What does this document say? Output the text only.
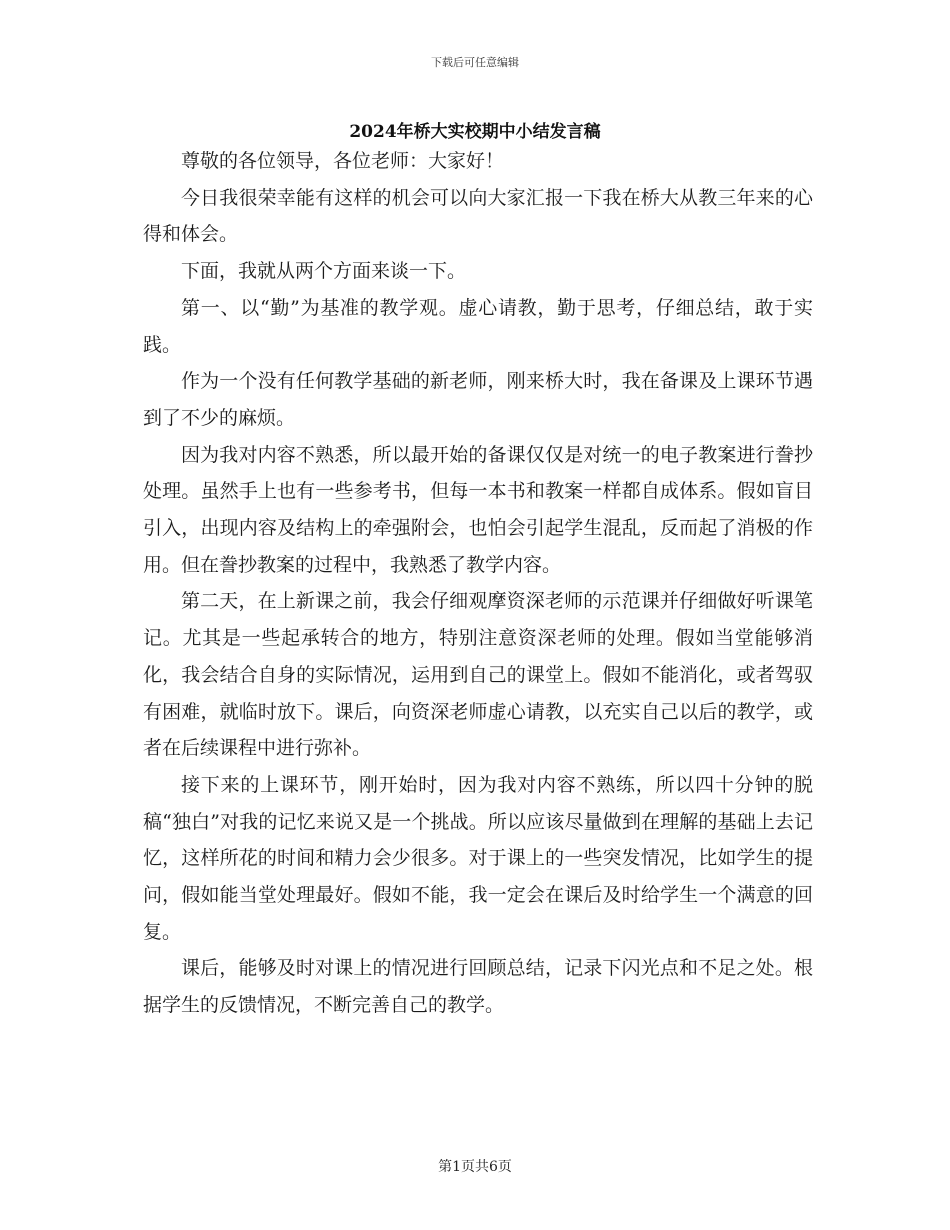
下载后可任意编辑
2024年桥大实校期中小结发言稿

尊敬的各位领导，各位老师：大家好！

今日我很荣幸能有这样的机会可以向大家汇报一下我在桥大从教三年来的心得和体会。

下面，我就从两个方面来谈一下。

第一、以“勤”为基准的教学观。虚心请教，勤于思考，仔细总结，敢于实践。

作为一个没有任何教学基础的新老师，刚来桥大时，我在备课及上课环节遇到了不少的麻烦。

因为我对内容不熟悉，所以最开始的备课仅仅是对统一的电子教案进行誊抄处理。虽然手上也有一些参考书，但每一本书和教案一样都自成体系。假如盲目引入，出现内容及结构上的牵强附会，也怕会引起学生混乱，反而起了消极的作用。但在誊抄教案的过程中，我熟悉了教学内容。

第二天，在上新课之前，我会仔细观摩资深老师的示范课并仔细做好听课笔记。尤其是一些起承转合的地方，特别注意资深老师的处理。假如当堂能够消化，我会结合自身的实际情况，运用到自己的课堂上。假如不能消化，或者驾驭有困难，就临时放下。课后，向资深老师虚心请教，以充实自己以后的教学，或者在后续课程中进行弥补。

接下来的上课环节，刚开始时，因为我对内容不熟练，所以四十分钟的脱稿“独白”对我的记忆来说又是一个挑战。所以应该尽量做到在理解的基础上去记忆，这样所花的时间和精力会少很多。对于课上的一些突发情况，比如学生的提问，假如能当堂处理最好。假如不能，我一定会在课后及时给学生一个满意的回复。

课后，能够及时对课上的情况进行回顾总结，记录下闪光点和不足之处。根据学生的反馈情况，不断完善自己的教学。

第1页共6页
